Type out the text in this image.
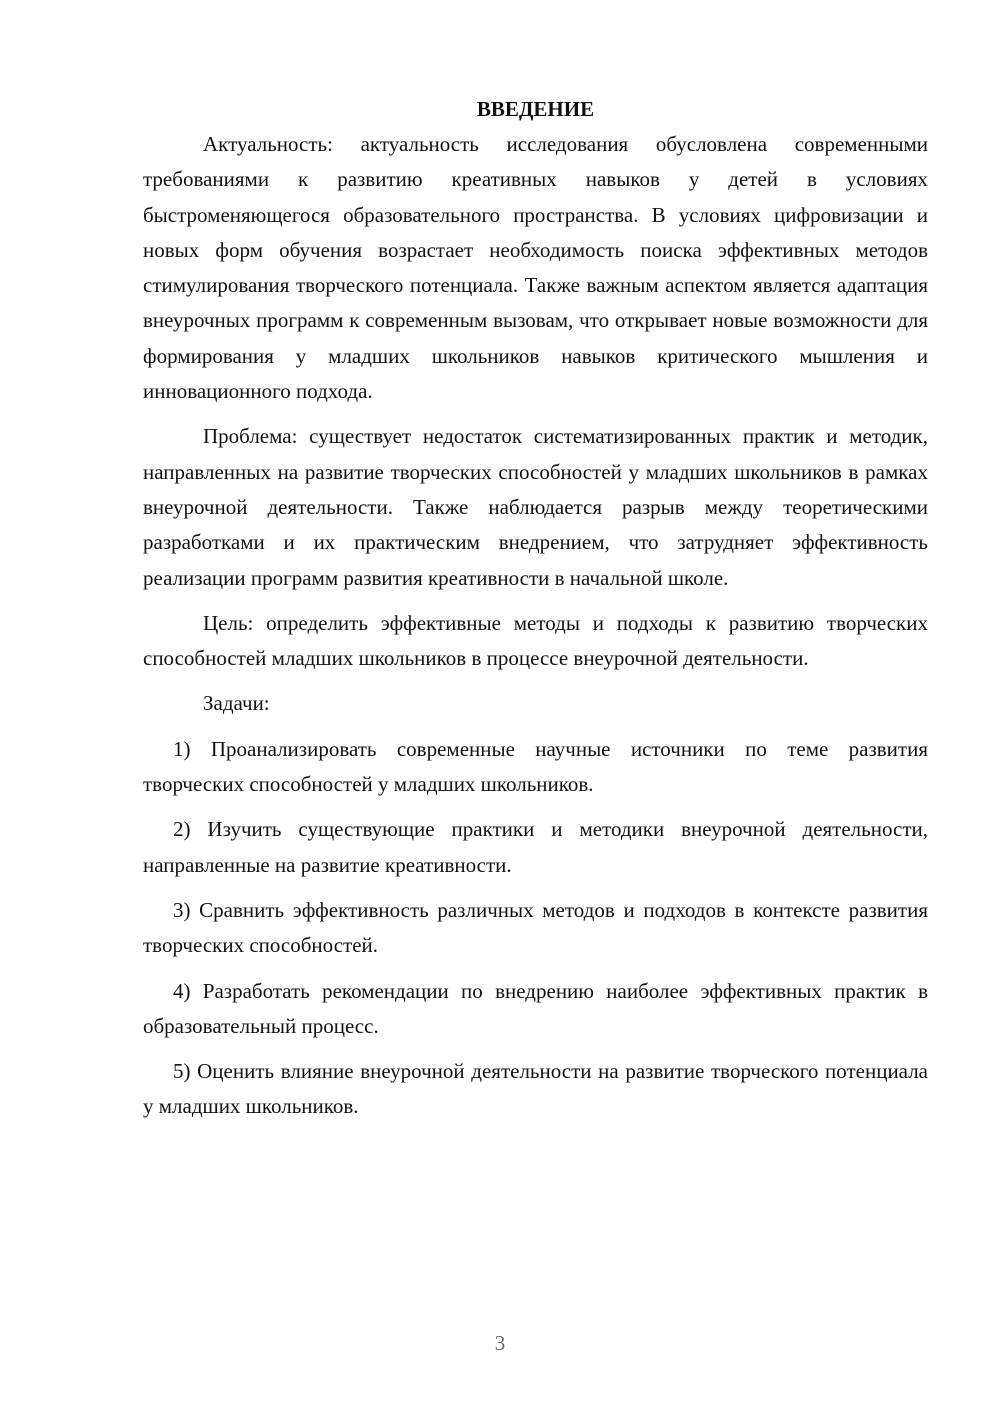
ВВЕДЕНИЕ

Актуальность: актуальность исследования обусловлена современными требованиями к развитию креативных навыков у детей в условиях быстроменяющегося образовательного пространства. В условиях цифровизации и новых форм обучения возрастает необходимость поиска эффективных методов стимулирования творческого потенциала. Также важным аспектом является адаптация внеурочных программ к современным вызовам, что открывает новые возможности для формирования у младших школьников навыков критического мышления и инновационного подхода.

Проблема: существует недостаток систематизированных практик и методик, направленных на развитие творческих способностей у младших школьников в рамках внеурочной деятельности. Также наблюдается разрыв между теоретическими разработками и их практическим внедрением, что затрудняет эффективность реализации программ развития креативности в начальной школе.

Цель: определить эффективные методы и подходы к развитию творческих способностей младших школьников в процессе внеурочной деятельности.

Задачи:

1) Проанализировать современные научные источники по теме развития творческих способностей у младших школьников.

2) Изучить существующие практики и методики внеурочной деятельности, направленные на развитие креативности.

3) Сравнить эффективность различных методов и подходов в контексте развития творческих способностей.

4) Разработать рекомендации по внедрению наиболее эффективных практик в образовательный процесс.

5) Оценить влияние внеурочной деятельности на развитие творческого потенциала у младших школьников.

3
